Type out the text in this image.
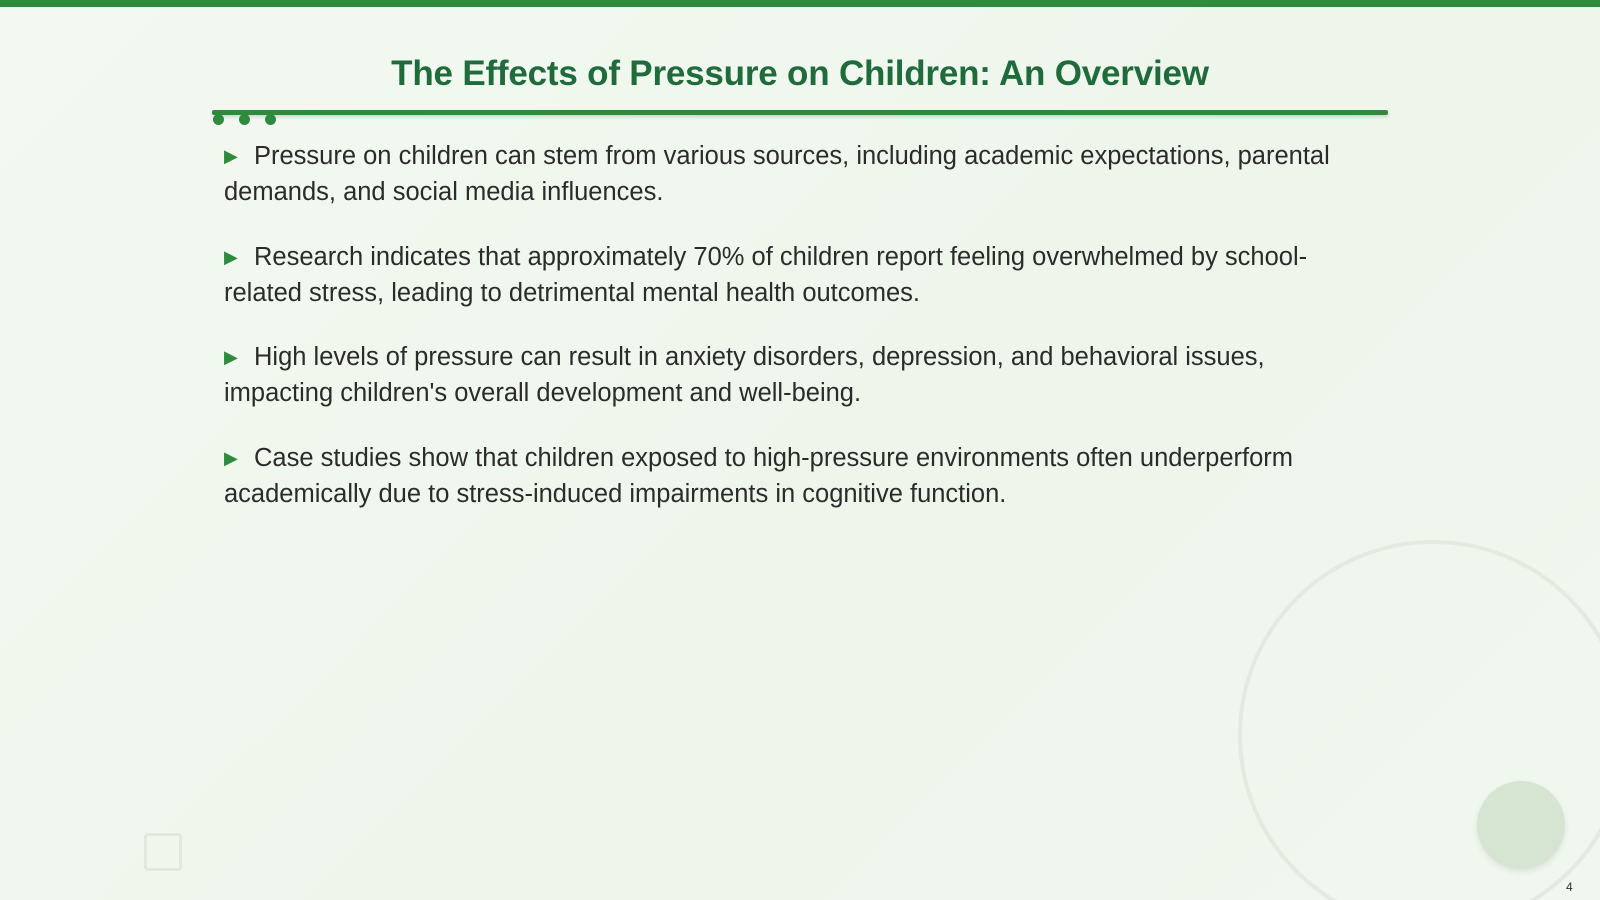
The Effects of Pressure on Children: An Overview
▶ Pressure on children can stem from various sources, including academic expectations, parental demands, and social media influences.
▶ Research indicates that approximately 70% of children report feeling overwhelmed by school-related stress, leading to detrimental mental health outcomes.
▶ High levels of pressure can result in anxiety disorders, depression, and behavioral issues, impacting children's overall development and well-being.
▶ Case studies show that children exposed to high-pressure environments often underperform academically due to stress-induced impairments in cognitive function.
4
